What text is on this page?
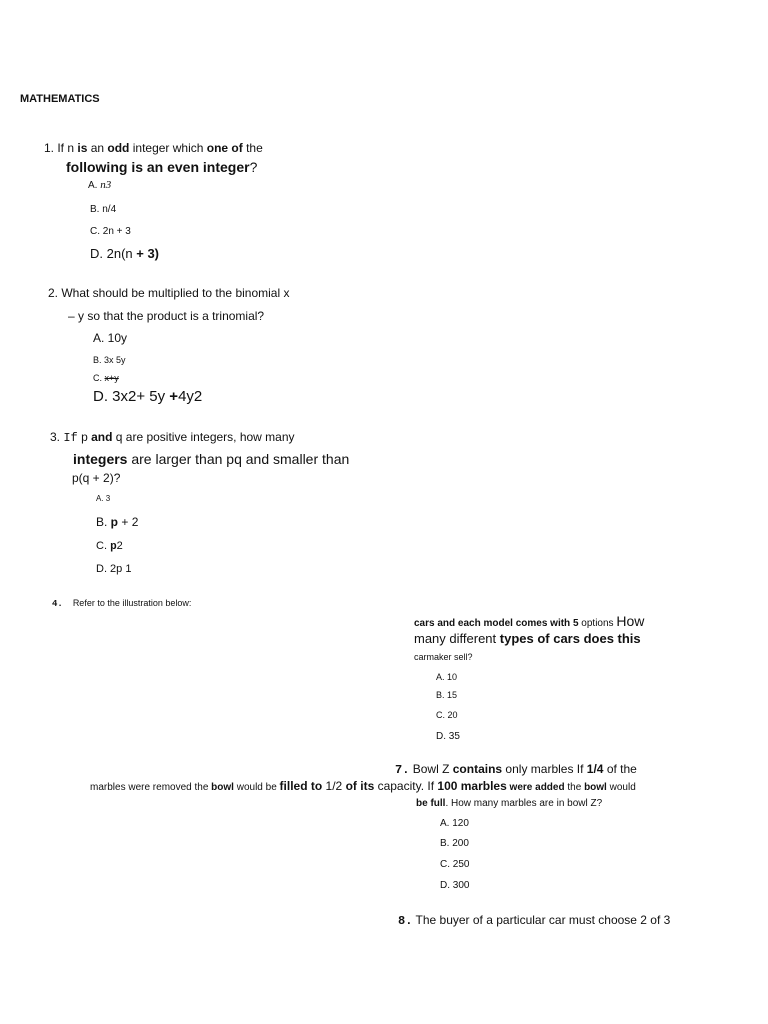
MATHEMATICS
1. If n is an odd integer which one of the
following is an even integer?
A. n3
B. n/4
C. 2n + 3
D. 2n(n + 3)
2. What should be multiplied to the binomial x
– y so that the product is a trinomial?
A. 10y
B. 3x 5y
C. x+y
D. 3x2+ 5y +4y2
3. If p and q are positive integers, how many
integers are larger than pq and smaller than
p(q + 2)?
A. 3
B. p + 2
C. p2
D. 2p 1
4. Refer to the illustration below:
cars and each model comes with 5 options How
many different types of cars does this
carmaker sell?
A. 10
B. 15
C. 20
D. 35
7. Bowl Z contains only marbles If 1/4 of the
marbles were removed the bowl would be filled to 1/2 of its capacity. If 100 marbles were added the bowl would
be full. How many marbles are in bowl Z?
A. 120
B. 200
C. 250
D. 300
8. The buyer of a particular car must choose 2 of 3
